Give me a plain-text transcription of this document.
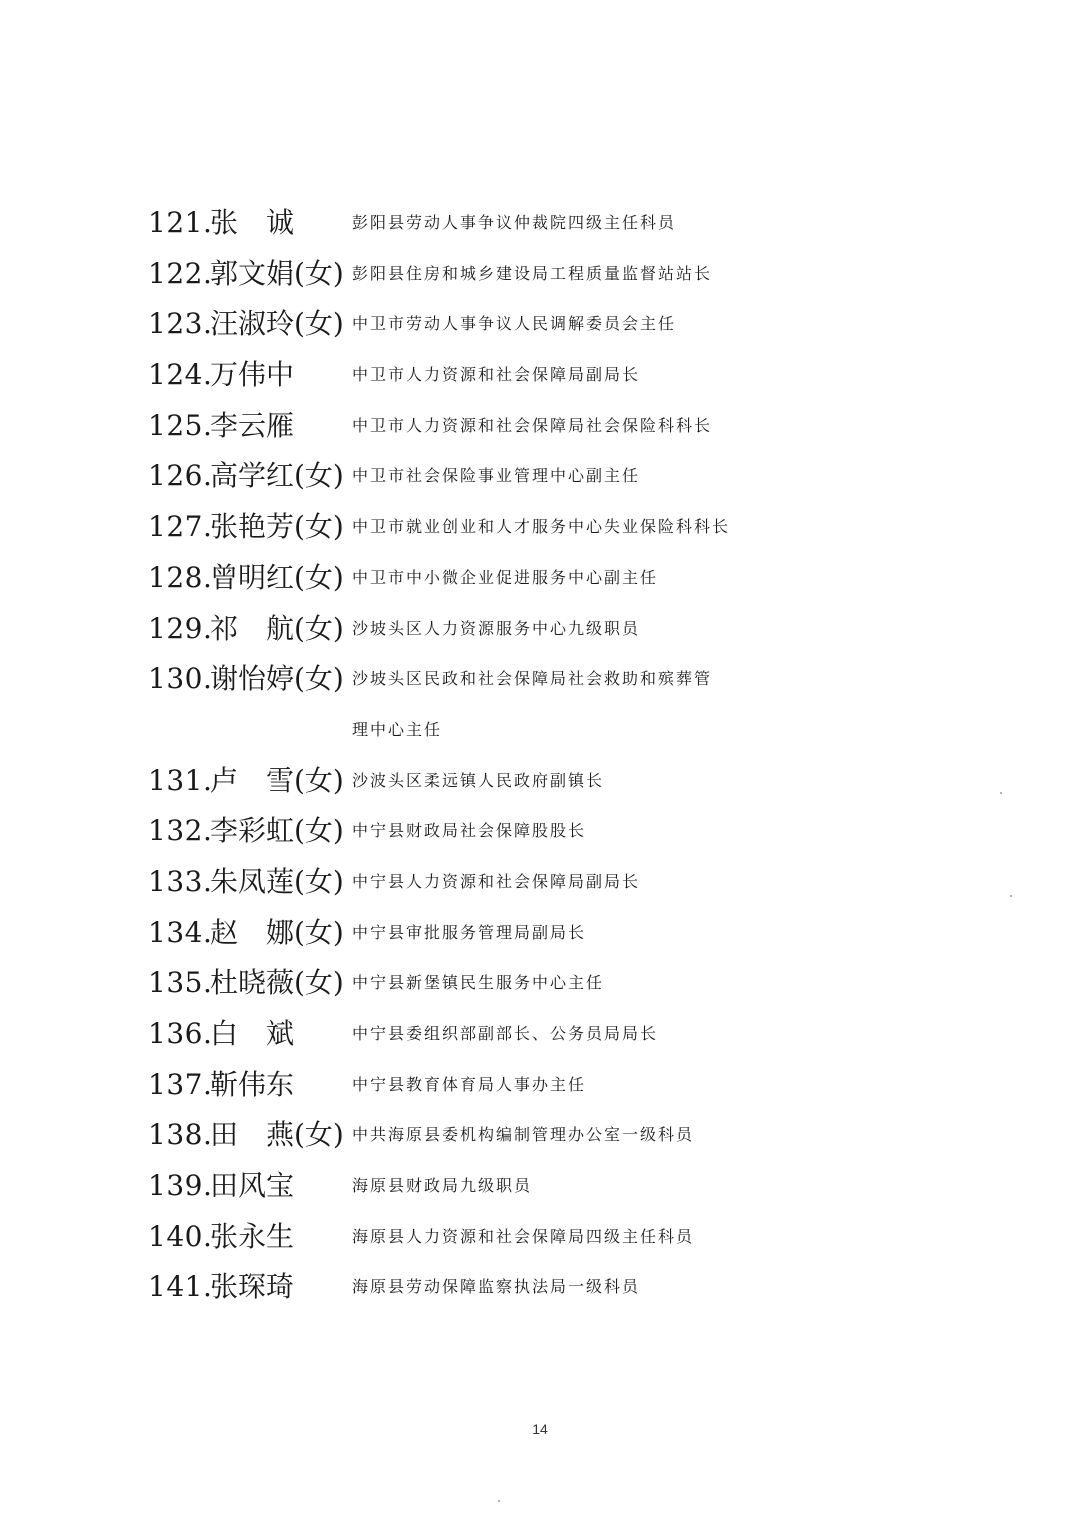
121.
张　诚	彭阳县劳动人事争议仲裁院四级主任科员
122.
郭文娟 (女) 彭阳县住房和城乡建设局工程质量监督站站长
123.
汪淑玲 (女) 中卫市劳动人事争议人民调解委员会主任
124.
万伟中	中卫市人力资源和社会保障局副局长
125.
李云雁	中卫市人力资源和社会保障局社会保险科科长
126.
高学红 (女) 中卫市社会保险事业管理中心副主任
127.
张艳芳 (女) 中卫市就业创业和人才服务中心失业保险科科长
128.
曾明红 (女) 中卫市中小微企业促进服务中心副主任
129.
祁　航 (女) 沙坡头区人力资源服务中心九级职员
130.
谢怡婷 (女) 沙坡头区民政和社会保障局社会救助和殡葬管
理中心主任
131.
卢　雪 (女) 沙波头区柔远镇人民政府副镇长
132.
李彩虹 (女) 中宁县财政局社会保障股股长
133.
朱凤莲 (女) 中宁县人力资源和社会保障局副局长
134.
赵　娜 (女) 中宁县审批服务管理局副局长
135.
杜晓薇 (女) 中宁县新堡镇民生服务中心主任
136.
白　斌	中宁县委组织部副部长、公务员局局长
137.
靳伟东	中宁县教育体育局人事办主任
138.
田　燕 (女) 中共海原县委机构编制管理办公室一级科员
139.
田风宝	海原县财政局九级职员
140.
张永生	海原县人力资源和社会保障局四级主任科员
141.
张琛琦	海原县劳动保障监察执法局一级科员
14
